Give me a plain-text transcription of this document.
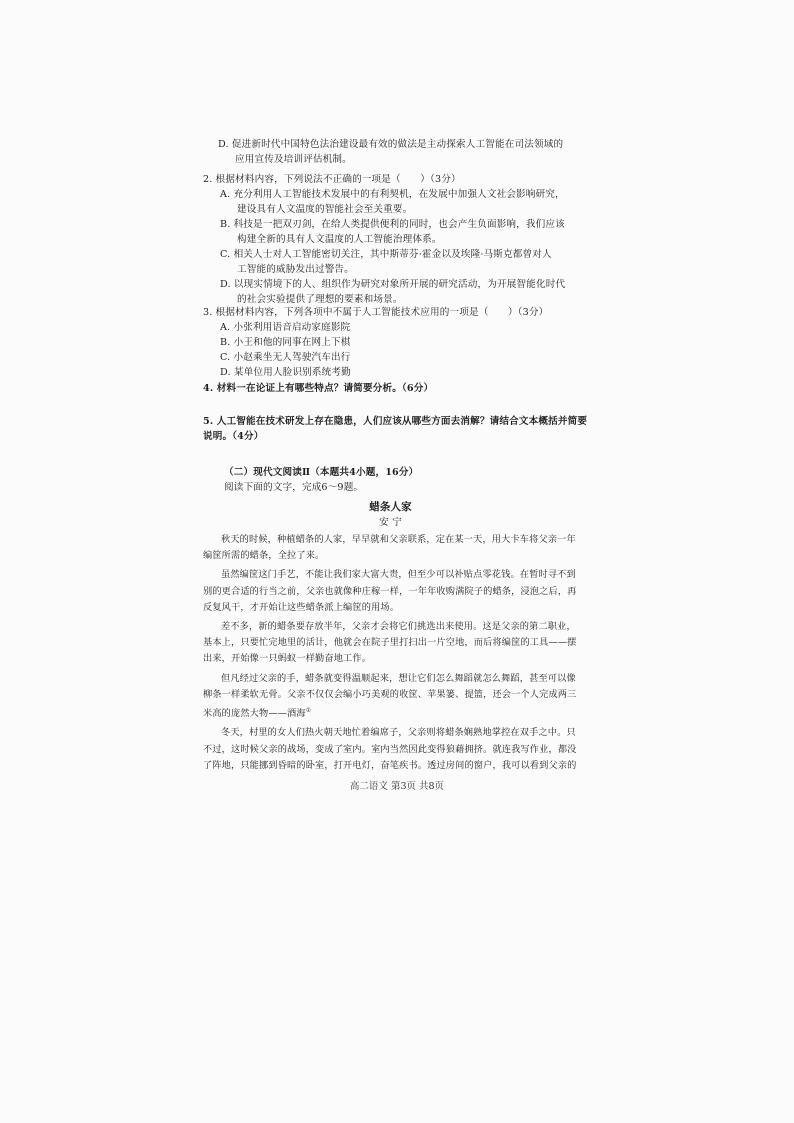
D. 促进新时代中国特色法治建设最有效的做法是主动探索人工智能在司法领域的
应用宣传及培训评估机制。
2. 根据材料内容，下列说法不正确的一项是（　　）（3分）
A. 充分利用人工智能技术发展中的有利契机，在发展中加强人文社会影响研究，
建设具有人文温度的智能社会至关重要。
B. 科技是一把双刃剑，在给人类提供便利的同时，也会产生负面影响，我们应该
构建全新的具有人文温度的人工智能治理体系。
C. 相关人士对人工智能密切关注，其中斯蒂芬·霍金以及埃隆·马斯克都曾对人
工智能的威胁发出过警告。
D. 以现实情境下的人、组织作为研究对象所开展的研究活动，为开展智能化时代
的社会实验提供了理想的要素和场景。
3. 根据材料内容，下列各项中不属于人工智能技术应用的一项是（　　）（3分）
A. 小张利用语音启动家庭影院
B. 小王和他的同事在网上下棋
C. 小赵乘坐无人驾驶汽车出行
D. 某单位用人脸识别系统考勤
4. 材料一在论证上有哪些特点？请简要分析。（6分）
5. 人工智能在技术研发上存在隐患，人们应该从哪些方面去消解？请结合文本概括并简要
说明。（4分）
（二）现代文阅读Ⅱ（本题共4小题，16分）
阅读下面的文字，完成6～9题。
蜡条人家
安 宁
秋天的时候，种植蜡条的人家，早早就和父亲联系，定在某一天，用大卡车将父亲一年
编筐所需的蜡条，全拉了来。
虽然编筐这门手艺，不能让我们家大富大贵，但至少可以补贴点零花钱。在暂时寻不到
别的更合适的行当之前，父亲也就像种庄稼一样，一年年收购满院子的蜡条，浸泡之后，再
反复风干，才开始让这些蜡条派上编筐的用场。
差不多，新的蜡条要存放半年，父亲才会将它们挑选出来使用。这是父亲的第二职业，
基本上，只要忙完地里的活计，他就会在院子里打扫出一片空地，而后将编筐的工具——摆
出来，开始像一只蚂蚁一样勤奋地工作。
但凡经过父亲的手，蜡条就变得温顺起来，想让它们怎么舞蹈就怎么舞蹈，甚至可以像
柳条一样柔软无骨。父亲不仅仅会编小巧美观的收筐、苹果篓、提篮，还会一个人完成两三
米高的庞然大物——酒海①
冬天，村里的女人们热火朝天地忙着编席子，父亲则将蜡条娴熟地掌控在双手之中。只
不过，这时候父亲的战场，变成了室内。室内当然因此变得狼藉拥挤。就连我写作业，都没
了阵地，只能挪到昏暗的卧室，打开电灯，奋笔疾书。透过房间的窗户，我可以看到父亲的
高二语文 第3页 共8页
